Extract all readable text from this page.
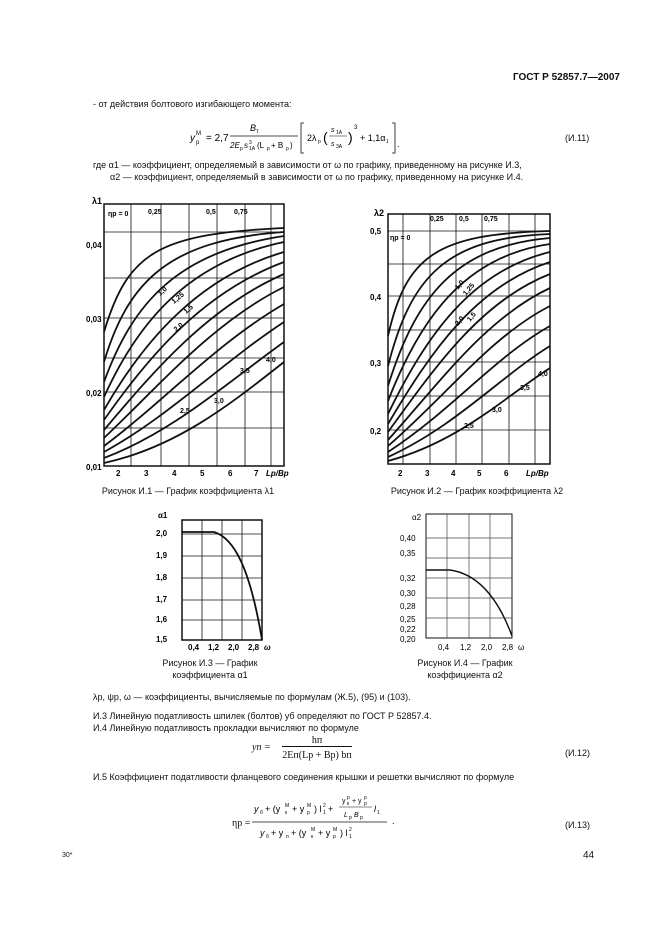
ГОСТ Р 52857.7—2007
- от действия болтового изгибающего момента:
y M
р = 2,7
B т
2E р s 3
1А (L р + B р )
2λ р ( s 1А
s 3А
)
3
+ 1,1α 1 .
(И.11)
где α1 — коэффициент, определяемый в зависимости от ω по графику, приведенному на рисунке И.3,
α2 — коэффициент, определяемый в зависимости от ω по графику, приведенному на рисунке И.4.
λ1
0,04
0,03
0,02
0,01
2	3	4	5	6	7 Lp/Bp
ηр = 0	0,25	0,5	0,75
1,0 1,25
1,5
2,0
4,0
3,5
3,0
2,5
Рисунок И.1 — График коэффициента λ1
λ2
0,5
0,4
0,3
0,2
2	3	4	5	6 Lp/Bp
ηр = 0
0,25 0,5 0,75
1,0
1,25
1,5
2,0
4,0
3,5
3,0
2,5
Рисунок И.2 — График коэффициента λ2
α1
2,0
1,9
1,8
1,7
1,6
1,5
0,4 1,2 2,0 2,8 ω
Рисунок И.3 — График
коэффициента α1
α2
0,40
0,35
0,32
0,30
0,28
0,25
0,22
0,20
0,4 1,2 2,0 2,8 ω
Рисунок И.4 — График
коэффициента α2
λр, ψр, ω — коэффициенты, вычисляемые по формулам (Ж.5), (95) и (103).
И.3 Линейную податливость шпилек (болтов) yб определяют по ГОСТ Р 52857.4.
И.4 Линейную податливость прокладки вычисляют по формуле
yп =
hп
2Eп(Lр + Bр) bп	(И.12)
И.5 Коэффициент податливости фланцевого соединения крышки и решетки вычисляют по формуле
ηр =
y б + (y M
к + y M
р ) l 2
1 +
y p
к + y p
р
L р B р
l 1
y б + y п + (y M
к + y M
р ) l 2
1
.	(И.13)
30*	44
